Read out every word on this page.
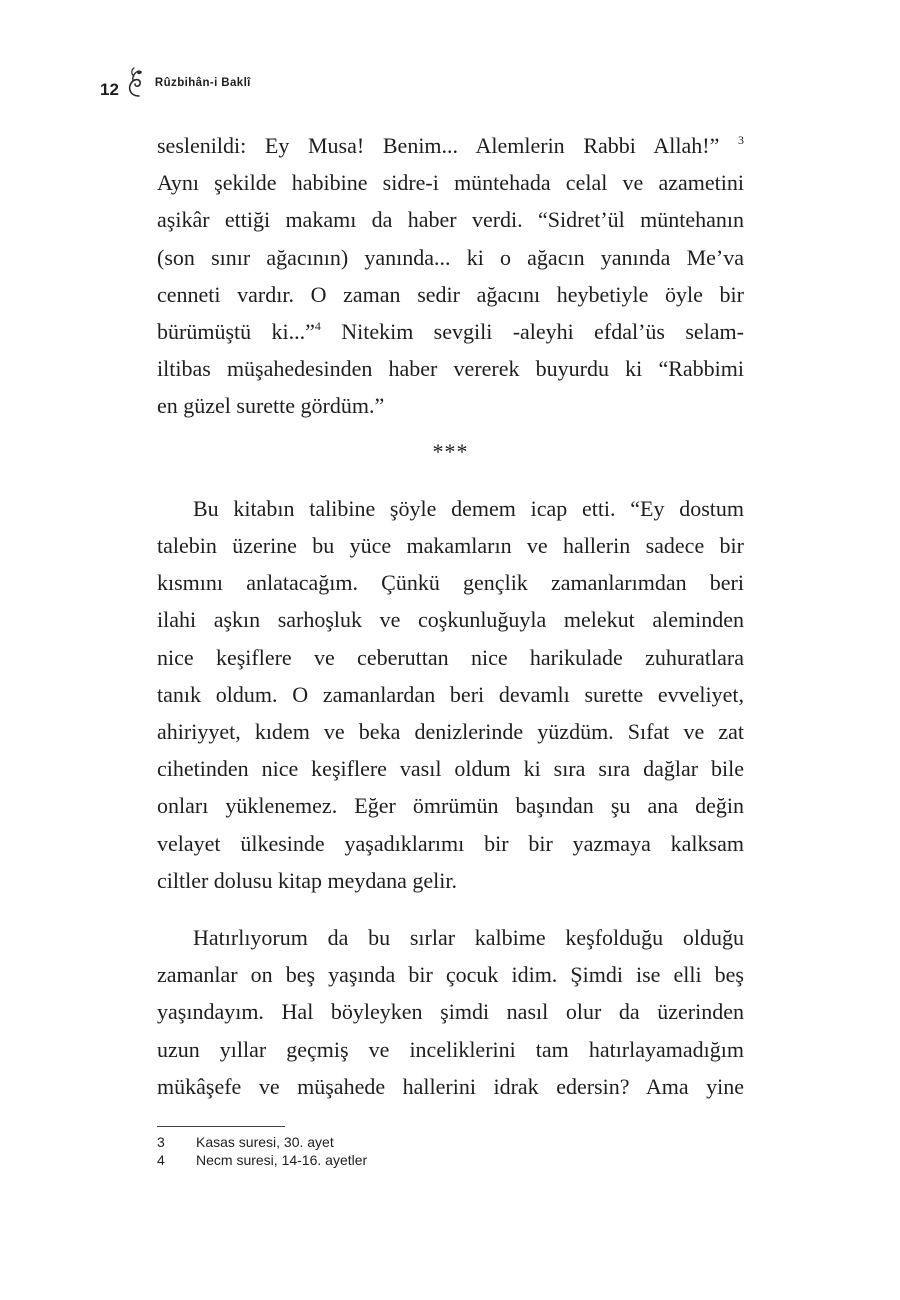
12	Rûzbihân-i Baklî
seslenildi: Ey Musa! Benim... Alemlerin Rabbi Allah!” $^3$
Aynı şekilde habibine sidre-i müntehada celal ve azametini
aşikâr ettiği makamı da haber verdi. “Sidret’ül müntehanın
(son sınır ağacının) yanında... ki o ağacın yanında Me’va
cenneti vardır. O zaman sedir ağacını heybetiyle öyle bir
bürümüştü ki...”$^4$ Nitekim sevgili -aleyhi efdal’üs selam-
iltibas müşahedesinden haber vererek buyurdu ki “Rabbimi
en güzel surette gördüm.”
***
Bu kitabın talibine şöyle demem icap etti. “Ey dostum
talebin üzerine bu yüce makamların ve hallerin sadece bir
kısmını anlatacağım. Çünkü gençlik zamanlarımdan beri
ilahi aşkın sarhoşluk ve coşkunluğuyla melekut aleminden
nice keşiflere ve ceberuttan nice harikulade zuhuratlara
tanık oldum. O zamanlardan beri devamlı surette evveliyet,
ahiriyyet, kıdem ve beka denizlerinde yüzdüm. Sıfat ve zat
cihetinden nice keşiflere vasıl oldum ki sıra sıra dağlar bile
onları yüklenemez. Eğer ömrümün başından şu ana değin
velayet ülkesinde yaşadıklarımı bir bir yazmaya kalksam
ciltler dolusu kitap meydana gelir.
Hatırlıyorum da bu sırlar kalbime keşfolduğu olduğu
zamanlar on beş yaşında bir çocuk idim. Şimdi ise elli beş
yaşındayım. Hal böyleyken şimdi nasıl olur da üzerinden
uzun yıllar geçmiş ve inceliklerini tam hatırlayamadığım
mükâşefe ve müşahede hallerini idrak edersin? Ama yine
3	Kasas suresi, 30. ayet
4	Necm suresi, 14-16. ayetler
